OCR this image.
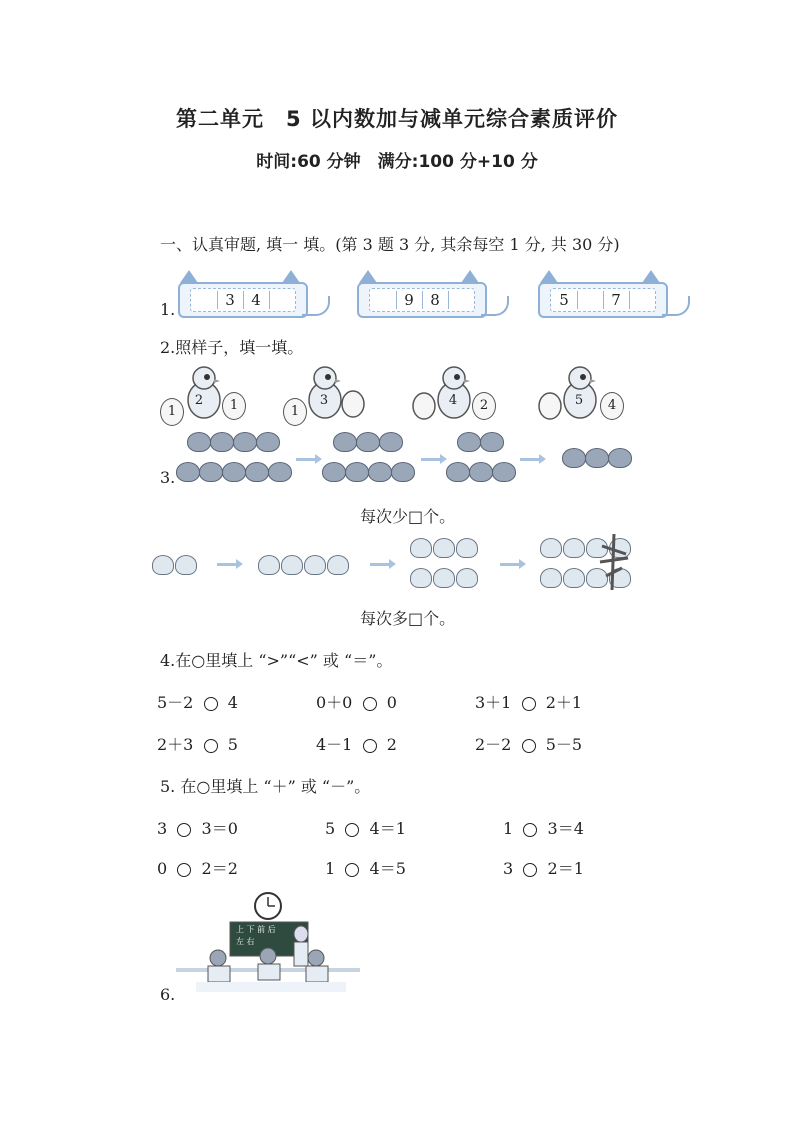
第二单元　5 以内数加与减单元综合素质评价
时间:60 分钟　满分:100 分+10 分
一、认真审题, 填一 填。(第 3 题 3 分, 其余每空 1 分, 共 30 分)
1.	3	4	9	8	5	7
2.照样子，填一填。
1
2	1	1
3	4	2	5	4
3.
每次少□个。
每次多□个。
4.在○里填上 “>”“<” 或 “＝”。
5－2 4	0＋0 0	3＋1 2＋1
2＋3 5	4－1 2	2－2 5－5
5. 在○里填上 “＋” 或 “－”。
3 3＝0	5 4＝1	1 3＝4
0 2＝2	1 4＝5	3 2＝1
6.
上 下 前 后
左 右
